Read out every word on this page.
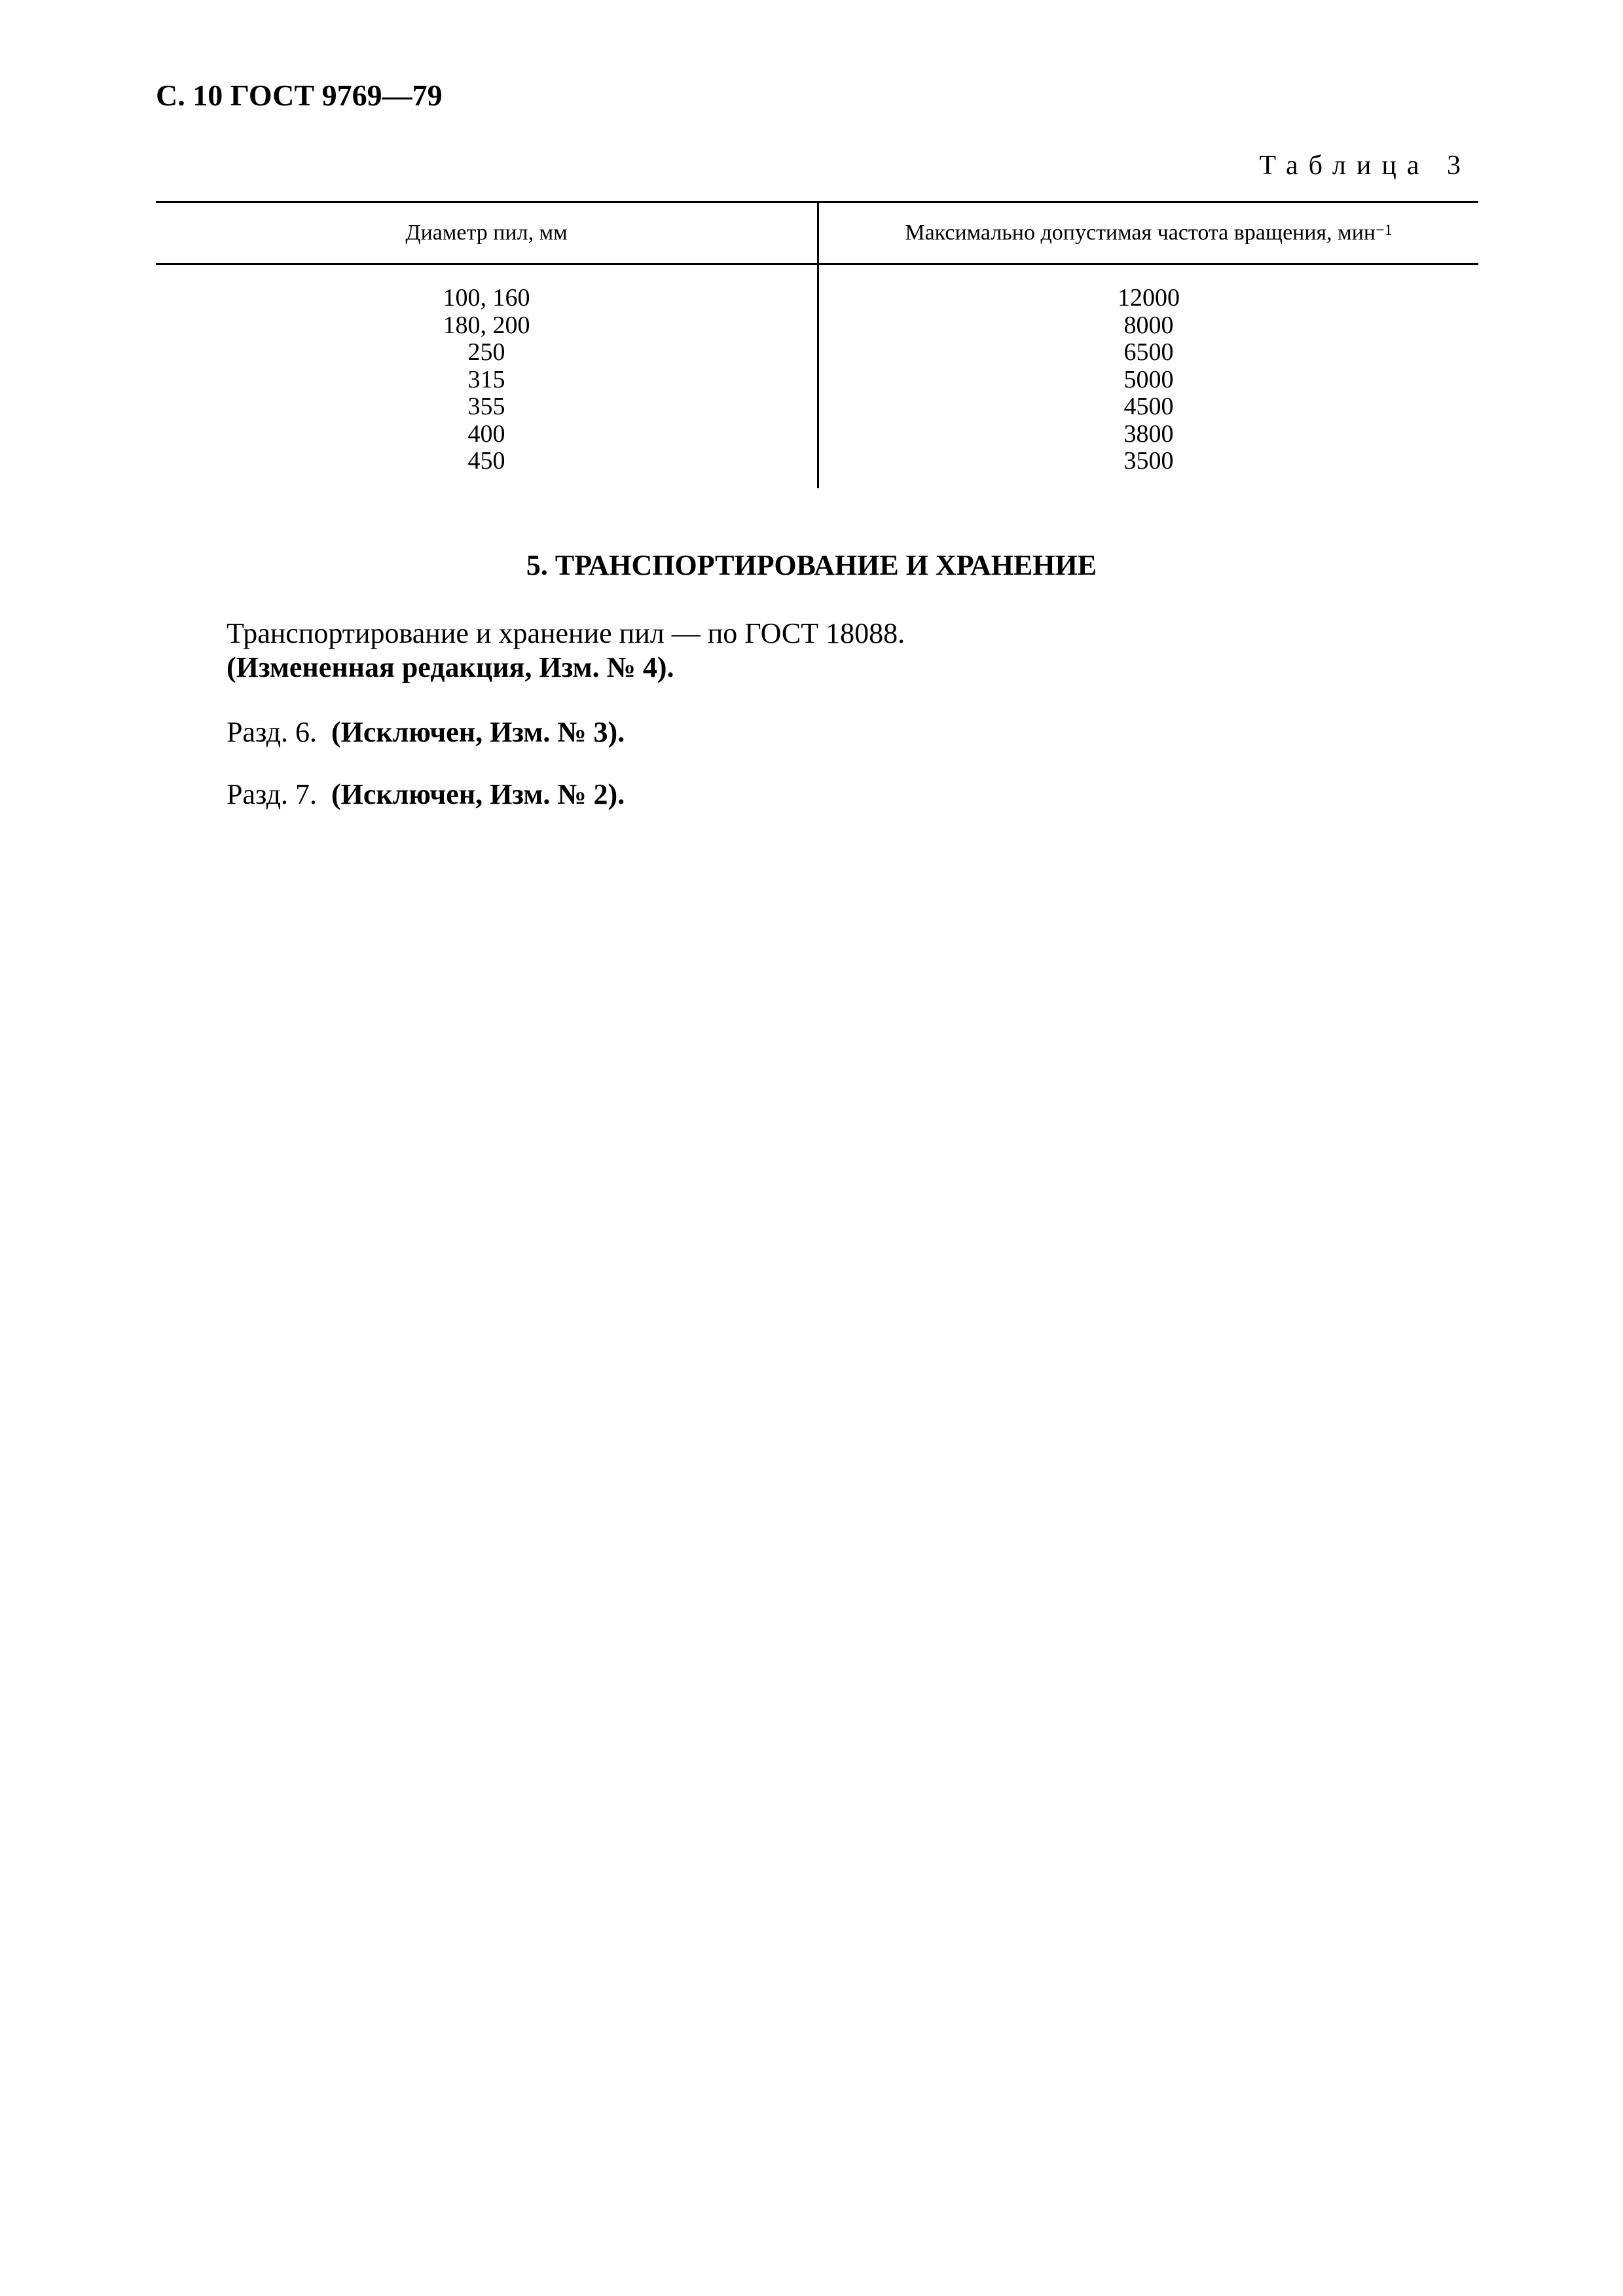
С. 10 ГОСТ 9769—79
Таблица 3
Диаметр пил, мм	Максимально допустимая частота вращения, мин$^{-1}$
100, 160
180, 200
250
315
355
400
450
12000
8000
6500
5000
4500
3800
3500
5. ТРАНСПОРТИРОВАНИЕ И ХРАНЕНИЕ
Транспортирование и хранение пил — по ГОСТ 18088.
(Измененная редакция, Изм. № 4).
Разд. 6. (Исключен, Изм. № 3).
Разд. 7. (Исключен, Изм. № 2).
